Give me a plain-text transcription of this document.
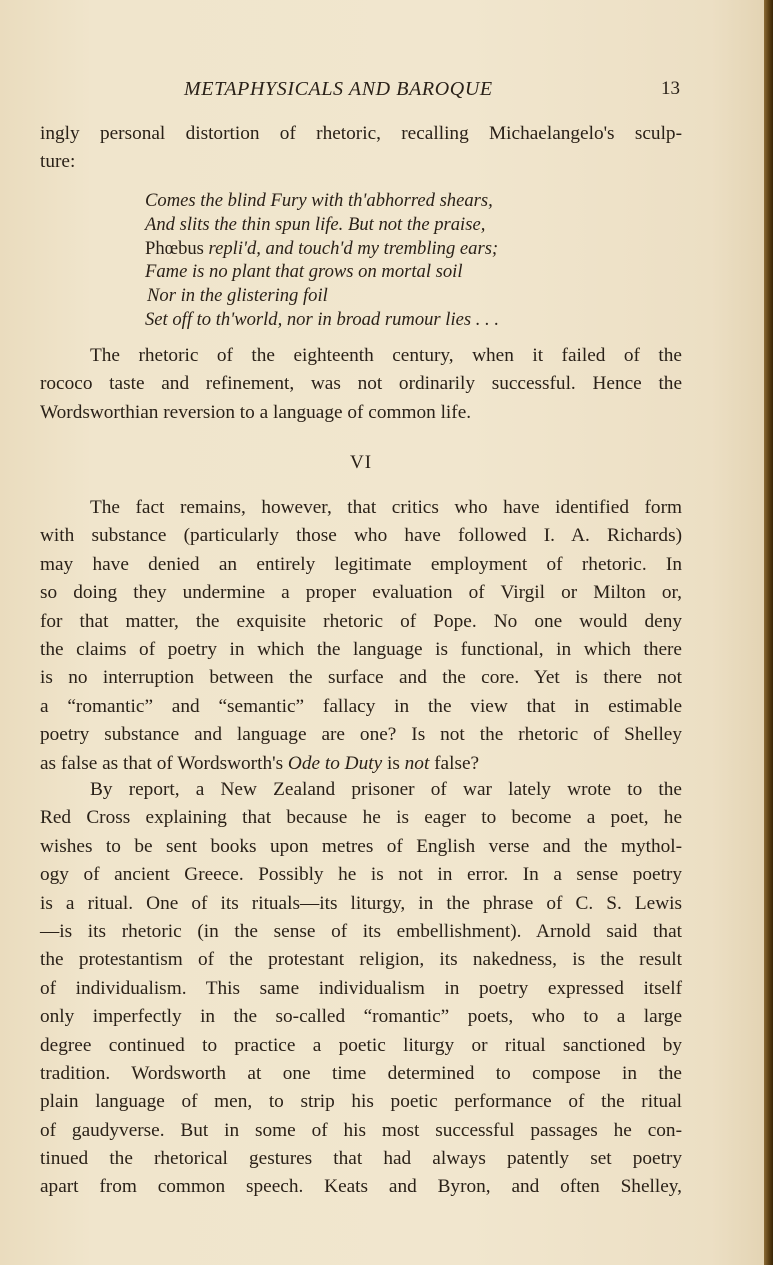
METAPHYSICALS AND BAROQUE	13
ingly personal distortion of rhetoric, recalling Michaelangelo's sculp-
ture:
Comes the blind Fury with th'abhorred shears,
And slits the thin spun life. But not the praise,
Phœbus repli'd, and touch'd my trembling ears;
Fame is no plant that grows on mortal soil
Nor in the glistering foil
Set off to th'world, nor in broad rumour lies . . .
The rhetoric of the eighteenth century, when it failed of the
rococo taste and refinement, was not ordinarily successful. Hence the
Wordsworthian reversion to a language of common life.
VI
The fact remains, however, that critics who have identified form
with substance (particularly those who have followed I. A. Richards)
may have denied an entirely legitimate employment of rhetoric. In
so doing they undermine a proper evaluation of Virgil or Milton or,
for that matter, the exquisite rhetoric of Pope. No one would deny
the claims of poetry in which the language is functional, in which there
is no interruption between the surface and the core. Yet is there not
a “romantic” and “semantic” fallacy in the view that in estimable
poetry substance and language are one? Is not the rhetoric of Shelley
as false as that of Wordsworth's Ode to Duty is not false?
By report, a New Zealand prisoner of war lately wrote to the
Red Cross explaining that because he is eager to become a poet, he
wishes to be sent books upon metres of English verse and the mythol-
ogy of ancient Greece. Possibly he is not in error. In a sense poetry
is a ritual. One of its rituals—its liturgy, in the phrase of C. S. Lewis
—is its rhetoric (in the sense of its embellishment). Arnold said that
the protestantism of the protestant religion, its nakedness, is the result
of individualism. This same individualism in poetry expressed itself
only imperfectly in the so-called “romantic” poets, who to a large
degree continued to practice a poetic liturgy or ritual sanctioned by
tradition. Wordsworth at one time determined to compose in the
plain language of men, to strip his poetic performance of the ritual
of gaudyverse. But in some of his most successful passages he con-
tinued the rhetorical gestures that had always patently set poetry
apart from common speech. Keats and Byron, and often Shelley,
